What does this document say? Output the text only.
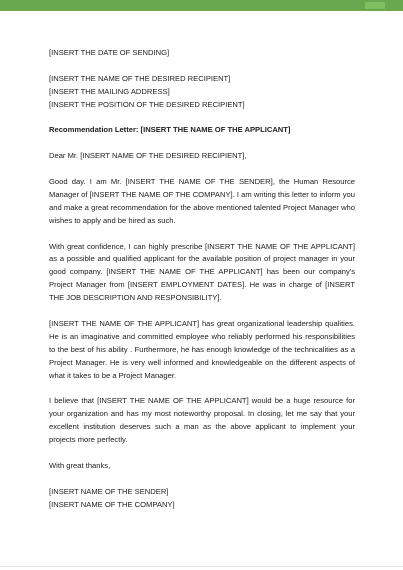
[INSERT THE DATE OF SENDING]

[INSERT THE NAME OF THE DESIRED RECIPIENT]
[INSERT THE MAILING ADDRESS]
[INSERT THE POSITION OF THE DESIRED RECIPIENT]

Recommendation Letter: [INSERT THE NAME OF THE APPLICANT]

Dear Mr. [INSERT NAME OF THE DESIRED RECIPIENT],

Good day. I am Mr. [INSERT THE NAME OF THE SENDER], the Human Resource Manager of [INSERT THE NAME OF THE COMPANY]. I am writing this letter to inform you and make a great recommendation for the above mentioned talented Project Manager who wishes to apply and be hired as such.

With great confidence, I can highly prescribe [INSERT THE NAME OF THE APPLICANT] as a possible and qualified applicant for the available position of project manager in your good company. [INSERT THE NAME OF THE APPLICANT] has been our company's Project Manager from [INSERT EMPLOYMENT DATES]. He was in charge of [INSERT THE JOB DESCRIPTION AND RESPONSIBILITY].

[INSERT THE NAME OF THE APPLICANT] has great organizational leadership qualities. He is an imaginative and committed employee who reliably performed his responsibilities to the best of his ability . Furthermore, he has enough knowledge of the technicalities as a Project Manager. He is very well informed and knowledgeable on the different aspects of what it takes to be a Project Manager.

I believe that [INSERT THE NAME OF THE APPLICANT] would be a huge resource for your organization and has my most noteworthy proposal. In closing, let me say that your excellent institution deserves such a man as the above applicant to implement your projects more perfectly.

With great thanks,

[INSERT NAME OF THE SENDER]
[INSERT NAME OF THE COMPANY]
